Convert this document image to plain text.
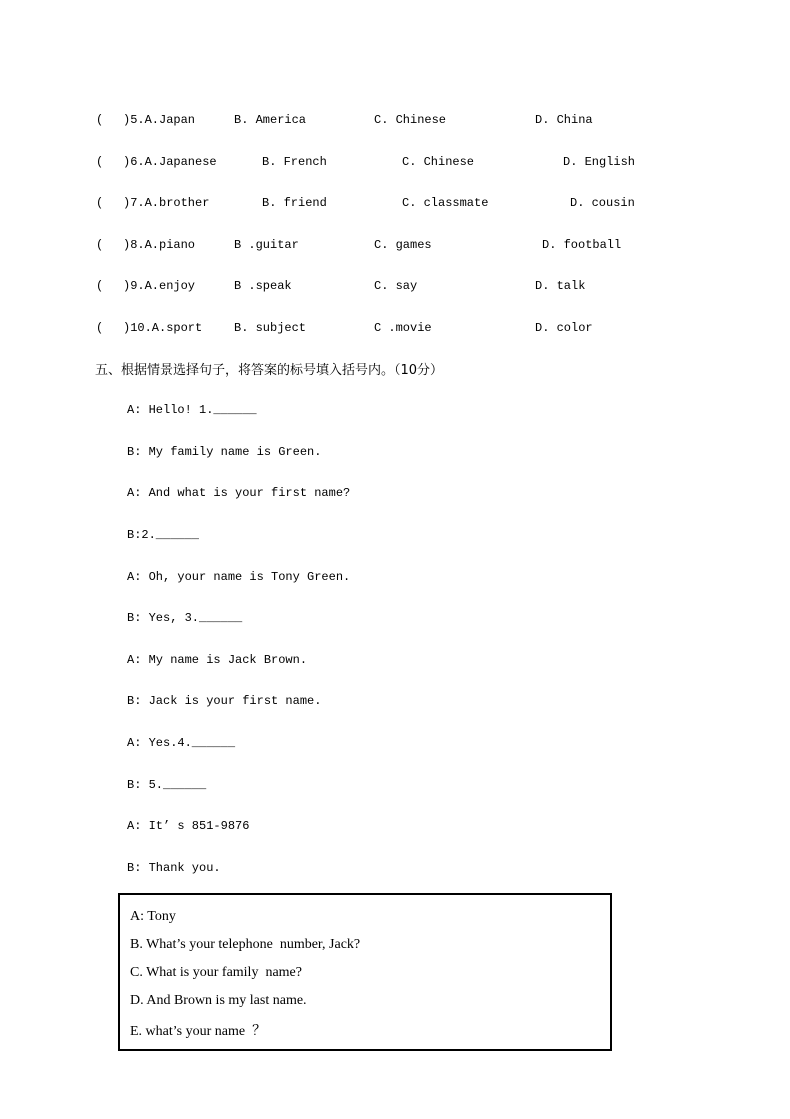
( )5.A.Japan	B. America	C. Chinese	D. China
( )6.A.Japanese	B. French	C. Chinese	D. English
( )7.A.brother	B. friend	C. classmate	D. cousin
( )8.A.piano	B .guitar	C. games	D. football
( )9.A.enjoy	B .speak	C. say	D. talk
( )10.A.sport	B. subject	C .movie	D. color
五、根据情景选择句子，将答案的标号填入括号内。（10分）
A: Hello! 1.______
B: My family name is Green.
A: And what is your first name?
B:2.______
A: Oh, your name is Tony Green.
B: Yes, 3.______
A: My name is Jack Brown.
B: Jack is your first name.
A: Yes.4.______
B: 5.______
A: It’ s 851-9876
B: Thank you.
A: Tony
B. What’s your telephone  number, Jack?
C. What is your family  name?
D. And Brown is my last name.
E. what’s your name  ？
